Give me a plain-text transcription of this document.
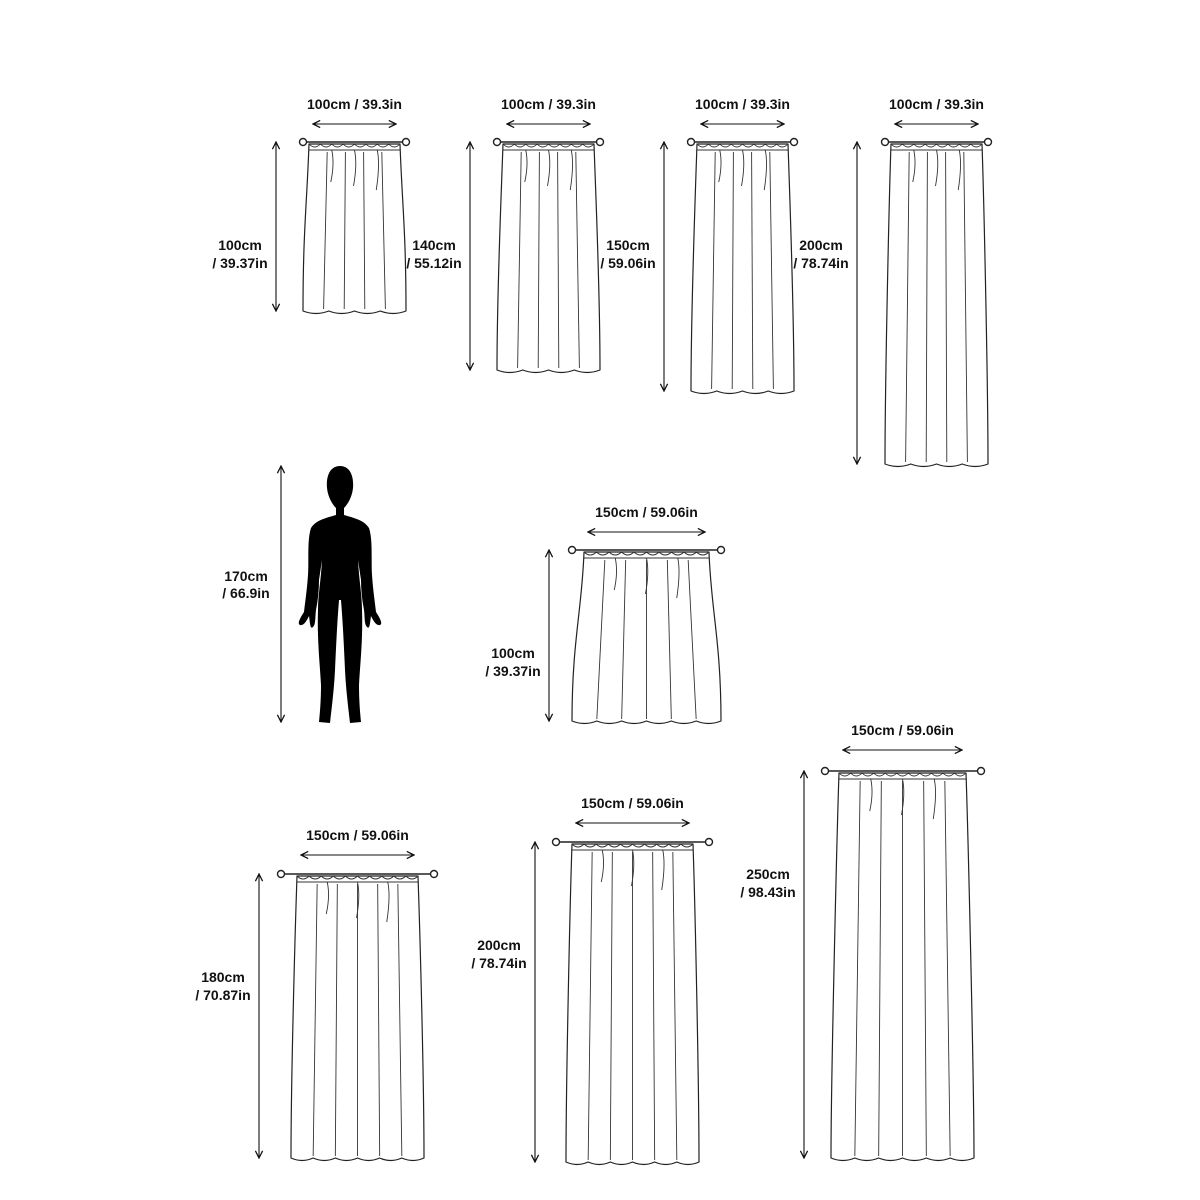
170cm
/ 66.9in
100cm / 39.3in
100cm
/ 39.37in
100cm / 39.3in
140cm
/ 55.12in
100cm / 39.3in
150cm
/ 59.06in
100cm / 39.3in
200cm
/ 78.74in
150cm / 59.06in
100cm
/ 39.37in
150cm / 59.06in
180cm
/ 70.87in
150cm / 59.06in
200cm
/ 78.74in
150cm / 59.06in
250cm
/ 98.43in
